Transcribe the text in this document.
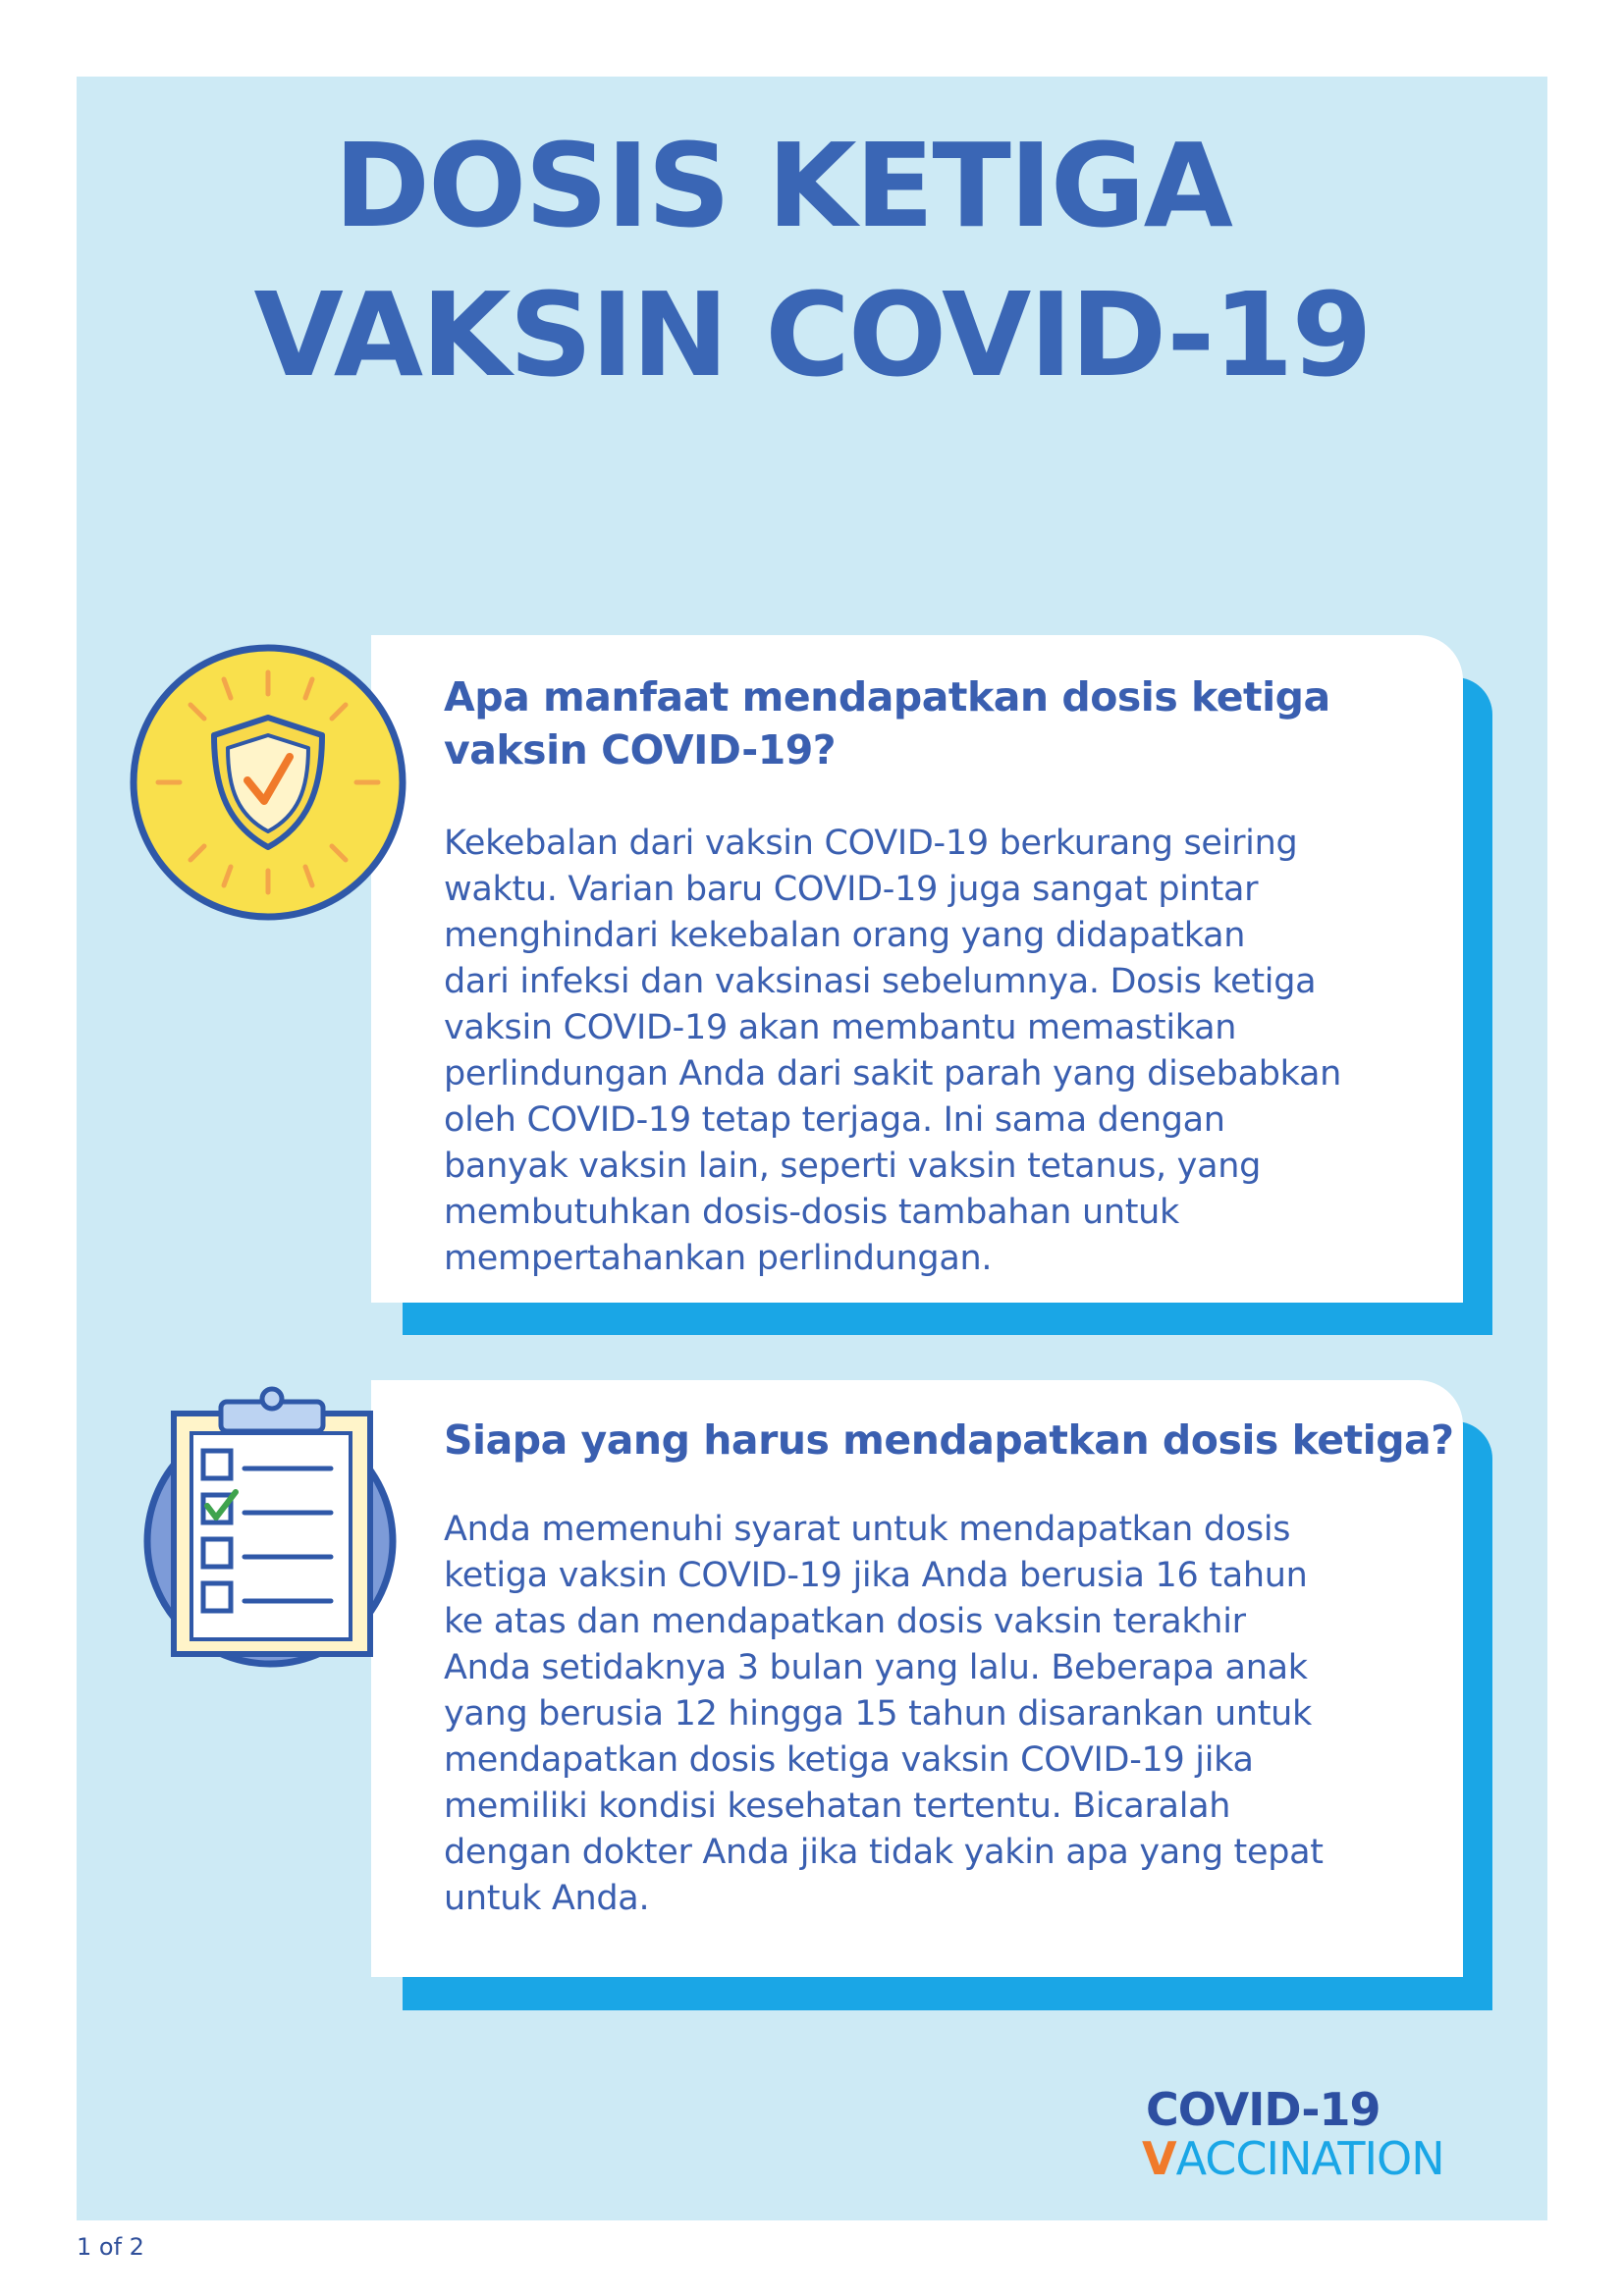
DOSIS KETIGA
VAKSIN COVID-19
Apa manfaat mendapatkan dosis ketiga vaksin COVID-19?
Kekebalan dari vaksin COVID-19 berkurang seiring
waktu. Varian baru COVID-19 juga sangat pintar
menghindari kekebalan orang yang didapatkan
dari infeksi dan vaksinasi sebelumnya. Dosis ketiga
vaksin COVID-19 akan membantu memastikan
perlindungan Anda dari sakit parah yang disebabkan
oleh COVID-19 tetap terjaga. Ini sama dengan
banyak vaksin lain, seperti vaksin tetanus, yang
membutuhkan dosis-dosis tambahan untuk
mempertahankan perlindungan.
Siapa yang harus mendapatkan dosis ketiga?
Anda memenuhi syarat untuk mendapatkan dosis
ketiga vaksin COVID-19 jika Anda berusia 16 tahun
ke atas dan mendapatkan dosis vaksin terakhir
Anda setidaknya 3 bulan yang lalu. Beberapa anak
yang berusia 12 hingga 15 tahun disarankan untuk
mendapatkan dosis ketiga vaksin COVID-19 jika
memiliki kondisi kesehatan tertentu. Bicaralah
dengan dokter Anda jika tidak yakin apa yang tepat
untuk Anda.
COVID-19
VACCINATION
1 of 2
